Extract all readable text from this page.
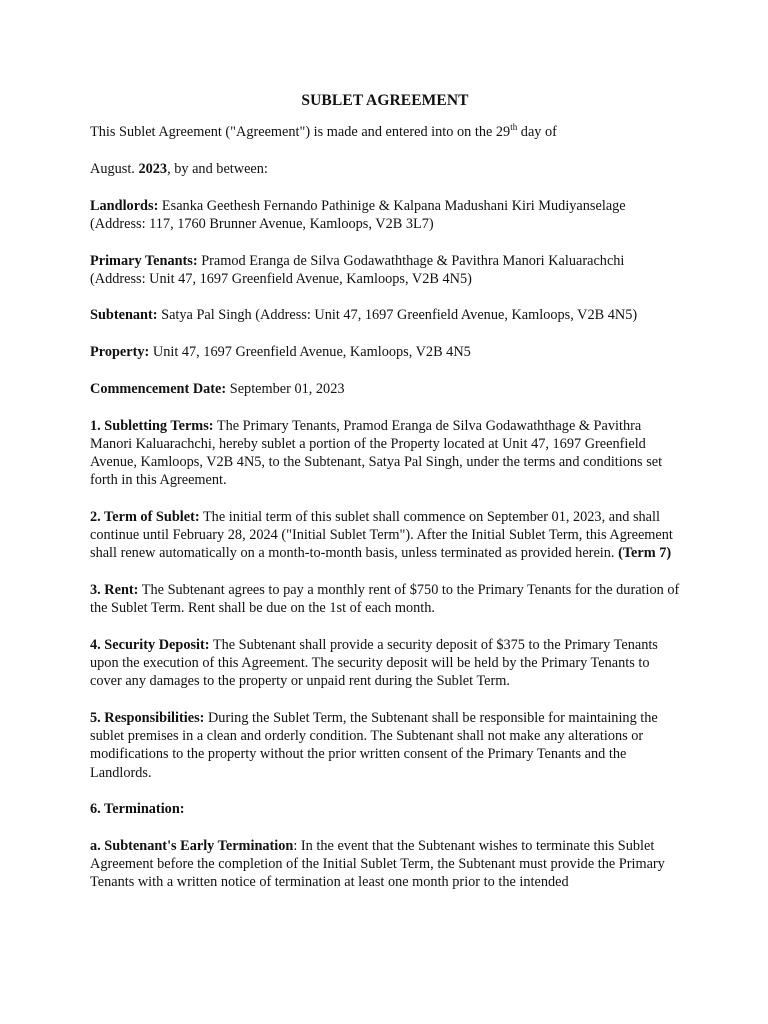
SUBLET AGREEMENT

This Sublet Agreement ("Agreement") is made and entered into on the 29th day of

August. 2023, by and between:

Landlords: Esanka Geethesh Fernando Pathinige & Kalpana Madushani Kiri Mudiyanselage (Address: 117, 1760 Brunner Avenue, Kamloops, V2B 3L7)

Primary Tenants: Pramod Eranga de Silva Godawaththage & Pavithra Manori Kaluarachchi (Address: Unit 47, 1697 Greenfield Avenue, Kamloops, V2B 4N5)

Subtenant: Satya Pal Singh (Address: Unit 47, 1697 Greenfield Avenue, Kamloops, V2B 4N5)

Property: Unit 47, 1697 Greenfield Avenue, Kamloops, V2B 4N5

Commencement Date: September 01, 2023

1. Subletting Terms: The Primary Tenants, Pramod Eranga de Silva Godawaththage & Pavithra Manori Kaluarachchi, hereby sublet a portion of the Property located at Unit 47, 1697 Greenfield Avenue, Kamloops, V2B 4N5, to the Subtenant, Satya Pal Singh, under the terms and conditions set forth in this Agreement.

2. Term of Sublet: The initial term of this sublet shall commence on September 01, 2023, and shall continue until February 28, 2024 ("Initial Sublet Term"). After the Initial Sublet Term, this Agreement shall renew automatically on a month-to-month basis, unless terminated as provided herein. (Term 7)

3. Rent: The Subtenant agrees to pay a monthly rent of $750 to the Primary Tenants for the duration of the Sublet Term. Rent shall be due on the 1st of each month.

4. Security Deposit: The Subtenant shall provide a security deposit of $375 to the Primary Tenants upon the execution of this Agreement. The security deposit will be held by the Primary Tenants to cover any damages to the property or unpaid rent during the Sublet Term.

5. Responsibilities: During the Sublet Term, the Subtenant shall be responsible for maintaining the sublet premises in a clean and orderly condition. The Subtenant shall not make any alterations or modifications to the property without the prior written consent of the Primary Tenants and the Landlords.

6. Termination:

a. Subtenant's Early Termination: In the event that the Subtenant wishes to terminate this Sublet Agreement before the completion of the Initial Sublet Term, the Subtenant must provide the Primary Tenants with a written notice of termination at least one month prior to the intended
